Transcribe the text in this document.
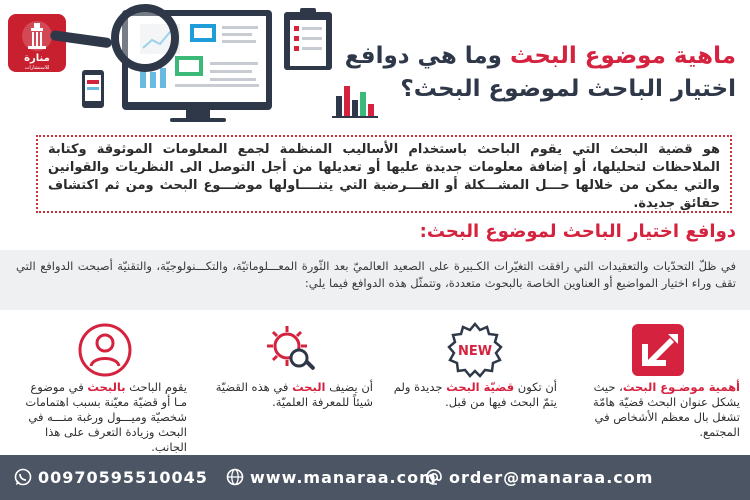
منارة
للاستشارات	ماهية موضوع البحث وما هي دوافع
اختيار الباحث لموضوع البحث؟
هو قضية البحث التي يقوم الباحث باستخدام الأساليب المنظمة لجمع المعلومات الموثوقة وكتابة الملاحظات لتحليلها، أو إضافة معلومات جديدة عليها أو تعديلها من أجل التوصل الى النظريات والقوانين والتي يمكن من خلالها حـــل المشـــكلة أو الفـــرضية التي يتنــــاولها موضـــوع البحث ومن ثم اكتشاف حقائق جديدة.
دوافع اختيار الباحث لموضوع البحث:
في ظلّ التحدّيات والتعقيدات التي رافقت التغيّرات الكـبيرة على الصعيد العالميّ بعد الثّورة المعـــلوماتيّة، والتكـــنولوجيّة، والتقنيّة أصبحت الدوافع التي تقف وراء اختيار المواضيع أو العناوين الخاصة بالبحوث متعددة، وتتمثّل هذه الدوافع فيما يلي:
أهمية موضـوع البحث، حيث يشكل عنوان البحث قضيّة هامّة تشغل بال معظم الأشخاص في المجتمع.
NEW
أن تكون قضيّة البحث جديدة ولم يتمّ البحث فيها من قبل.
أن يضيف البحث في هذه القضيّة شيئاً للمعرفة العلميّة.
يقوم الباحث بالبحث في موضوع مـا أو قضيّة معيّنة بسبب اهتمامات شخصيّة وميـــول ورغبة منـــه في البحث وزيادة التعرف على هذا الجانب.
00970595510045	www.manaraa.com order@manaraa.com
